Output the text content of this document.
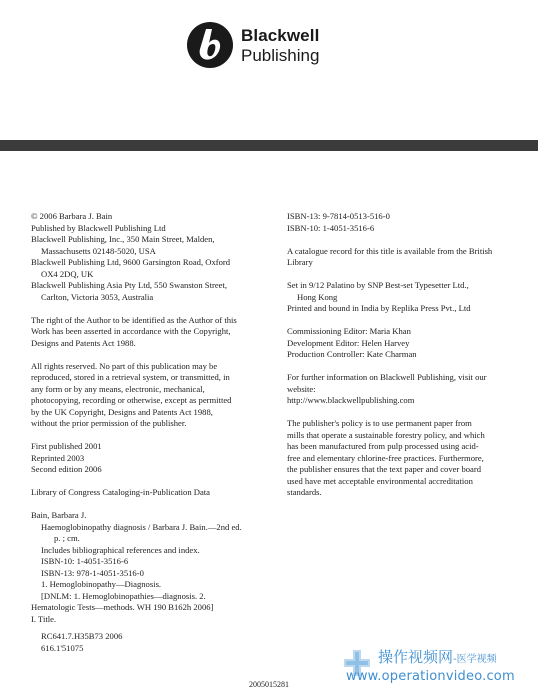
Blackwell
Publishing
© 2006 Barbara J. Bain
Published by Blackwell Publishing Ltd
Blackwell Publishing, Inc., 350 Main Street, Malden,
Massachusetts 02148-5020, USA
Blackwell Publishing Ltd, 9600 Garsington Road, Oxford
OX4 2DQ, UK
Blackwell Publishing Asia Pty Ltd, 550 Swanston Street,
Carlton, Victoria 3053, Australia
The right of the Author to be identified as the Author of this
Work has been asserted in accordance with the Copyright,
Designs and Patents Act 1988.
All rights reserved. No part of this publication may be
reproduced, stored in a retrieval system, or transmitted, in
any form or by any means, electronic, mechanical,
photocopying, recording or otherwise, except as permitted
by the UK Copyright, Designs and Patents Act 1988,
without the prior permission of the publisher.
First published 2001
Reprinted 2003
Second edition 2006
Library of Congress Cataloging-in-Publication Data
Bain, Barbara J.
Haemoglobinopathy diagnosis / Barbara J. Bain.—2nd ed.
p. ; cm.
Includes bibliographical references and index.
ISBN-10: 1-4051-3516-6
ISBN-13: 978-1-4051-3516-0
1. Hemoglobinopathy—Diagnosis.
[DNLM: 1. Hemoglobinopathies—diagnosis. 2.
Hematologic Tests—methods. WH 190 B162h 2006]
I. Title.
RC641.7.H35B73 2006
616.1'51075
ISBN-13: 9-7814-0513-516-0
ISBN-10: 1-4051-3516-6
A catalogue record for this title is available from the British
Library
Set in 9/12 Palatino by SNP Best-set Typesetter Ltd.,
Hong Kong
Printed and bound in India by Replika Press Pvt., Ltd
Commissioning Editor: Maria Khan
Development Editor: Helen Harvey
Production Controller: Kate Charman
For further information on Blackwell Publishing, visit our
website:
http://www.blackwellpublishing.com
The publisher's policy is to use permanent paper from
mills that operate a sustainable forestry policy, and which
has been manufactured from pulp processed using acid-
free and elementary chlorine-free practices. Furthermore,
the publisher ensures that the text paper and cover board
used have met acceptable environmental accreditation
standards.
操作视频网-医学视频
www.operationvideo.com
2005015281
